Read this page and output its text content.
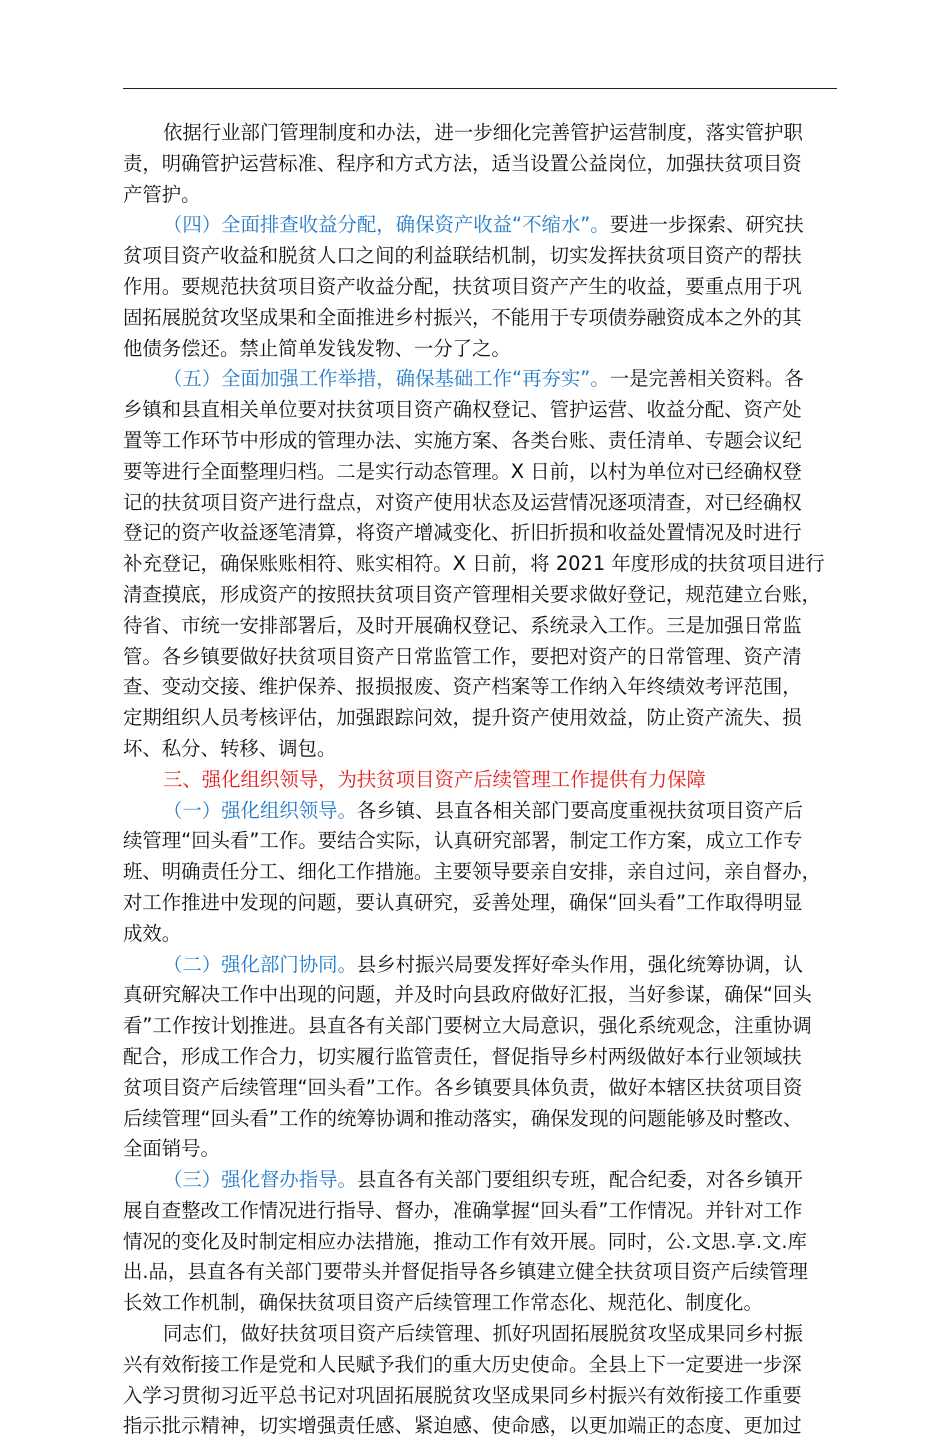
依据行业部门管理制度和办法，进一步细化完善管护运营制度，落实管护职
责，明确管护运营标准、程序和方式方法，适当设置公益岗位，加强扶贫项目资
产管护。
（四）全面排查收益分配，确保资产收益“不缩水”。要进一步探索、研究扶
贫项目资产收益和脱贫人口之间的利益联结机制，切实发挥扶贫项目资产的帮扶
作用。要规范扶贫项目资产收益分配，扶贫项目资产产生的收益，要重点用于巩
固拓展脱贫攻坚成果和全面推进乡村振兴，不能用于专项债券融资成本之外的其
他债务偿还。禁止简单发钱发物、一分了之。
（五）全面加强工作举措，确保基础工作“再夯实”。一是完善相关资料。各
乡镇和县直相关单位要对扶贫项目资产确权登记、管护运营、收益分配、资产处
置等工作环节中形成的管理办法、实施方案、各类台账、责任清单、专题会议纪
要等进行全面整理归档。二是实行动态管理。X 日前，以村为单位对已经确权登
记的扶贫项目资产进行盘点，对资产使用状态及运营情况逐项清查，对已经确权
登记的资产收益逐笔清算，将资产增减变化、折旧折损和收益处置情况及时进行
补充登记，确保账账相符、账实相符。X 日前，将 2021 年度形成的扶贫项目进行
清查摸底，形成资产的按照扶贫项目资产管理相关要求做好登记，规范建立台账，
待省、市统一安排部署后，及时开展确权登记、系统录入工作。三是加强日常监
管。各乡镇要做好扶贫项目资产日常监管工作，要把对资产的日常管理、资产清
查、变动交接、维护保养、报损报废、资产档案等工作纳入年终绩效考评范围，
定期组织人员考核评估，加强跟踪问效，提升资产使用效益，防止资产流失、损
坏、私分、转移、调包。
三、强化组织领导，为扶贫项目资产后续管理工作提供有力保障
（一）强化组织领导。各乡镇、县直各相关部门要高度重视扶贫项目资产后
续管理“回头看”工作。要结合实际，认真研究部署，制定工作方案，成立工作专
班、明确责任分工、细化工作措施。主要领导要亲自安排，亲自过问，亲自督办，
对工作推进中发现的问题，要认真研究，妥善处理，确保“回头看”工作取得明显
成效。
（二）强化部门协同。县乡村振兴局要发挥好牵头作用，强化统筹协调，认
真研究解决工作中出现的问题，并及时向县政府做好汇报，当好参谋，确保“回头
看”工作按计划推进。县直各有关部门要树立大局意识，强化系统观念，注重协调
配合，形成工作合力，切实履行监管责任，督促指导乡村两级做好本行业领域扶
贫项目资产后续管理“回头看”工作。各乡镇要具体负责，做好本辖区扶贫项目资
后续管理“回头看”工作的统筹协调和推动落实，确保发现的问题能够及时整改、
全面销号。
（三）强化督办指导。县直各有关部门要组织专班，配合纪委，对各乡镇开
展自查整改工作情况进行指导、督办，准确掌握“回头看”工作情况。并针对工作
情况的变化及时制定相应办法措施，推动工作有效开展。同时，公.文思.享.文.库
出.品，县直各有关部门要带头并督促指导各乡镇建立健全扶贫项目资产后续管理
长效工作机制，确保扶贫项目资产后续管理工作常态化、规范化、制度化。
同志们，做好扶贫项目资产后续管理、抓好巩固拓展脱贫攻坚成果同乡村振
兴有效衔接工作是党和人民赋予我们的重大历史使命。全县上下一定要进一步深
入学习贯彻习近平总书记对巩固拓展脱贫攻坚成果同乡村振兴有效衔接工作重要
指示批示精神，切实增强责任感、紧迫感、使命感，以更加端正的态度、更加过
